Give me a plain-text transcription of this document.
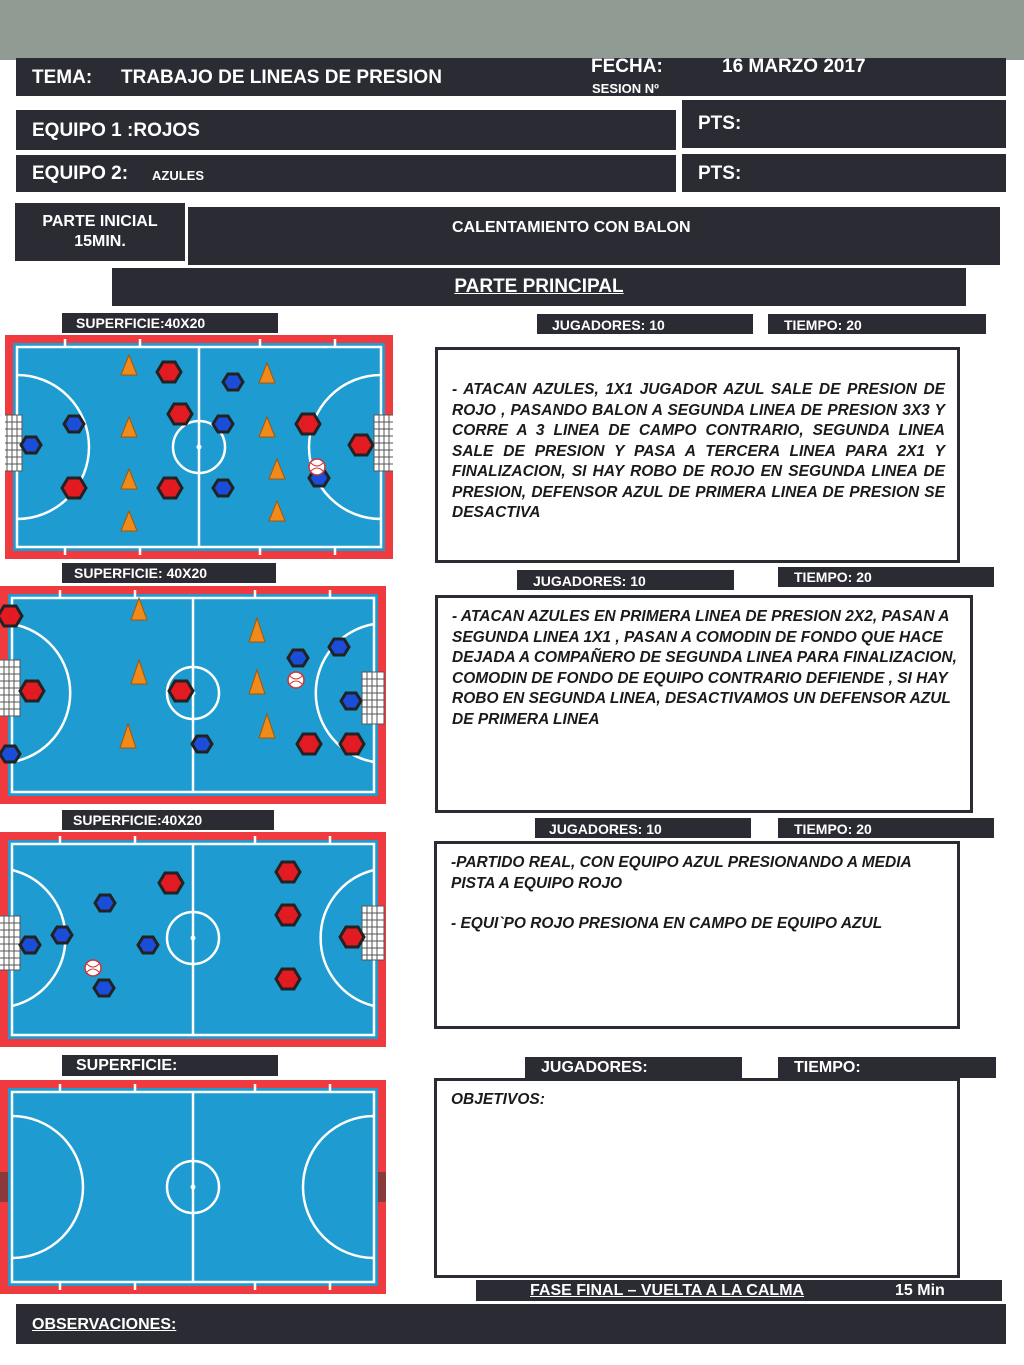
TEMA: TRABAJO DE LINEAS DE PRESION
FECHA:	16 MARZO 2017
SESION Nº
EQUIPO 1 :ROJOS	PTS:
EQUIPO 2: AZULES	PTS:
PARTE INICIAL
15MIN.
CALENTAMIENTO CON BALON
PARTE PRINCIPAL
SUPERFICIE:40X20	JUGADORES: 10	TIEMPO: 20

- ATACAN AZULES, 1X1 JUGADOR AZUL SALE DE PRESION DE ROJO , PASANDO BALON A SEGUNDA LINEA DE PRESION 3X3 Y CORRE A 3 LINEA DE CAMPO CONTRARIO, SEGUNDA LINEA SALE DE PRESION Y PASA A TERCERA LINEA PARA 2X1 Y FINALIZACION, SI HAY ROBO DE ROJO EN SEGUNDA LINEA DE PRESION, DEFENSOR AZUL DE PRIMERA LINEA DE PRESION SE DESACTIVA

SUPERFICIE: 40X20	JUGADORES: 10	TIEMPO: 20

- ATACAN AZULES EN PRIMERA LINEA DE PRESION 2X2, PASAN A SEGUNDA LINEA 1X1 , PASAN A COMODIN DE FONDO QUE HACE DEJADA A COMPAÑERO DE SEGUNDA LINEA PARA FINALIZACION, COMODIN DE FONDO DE EQUIPO CONTRARIO DEFIENDE , SI HAY ROBO EN SEGUNDA LINEA, DESACTIVAMOS UN DEFENSOR AZUL DE PRIMERA LINEA

SUPERFICIE:40X20
JUGADORES: 10	TIEMPO: 20

-PARTIDO REAL, CON EQUIPO AZUL PRESIONANDO A MEDIA PISTA A EQUIPO ROJO

- EQUI`PO ROJO PRESIONA EN CAMPO DE EQUIPO AZUL

SUPERFICIE:	JUGADORES:	TIEMPO:

OBJETIVOS:

FASE FINAL – VUELTA A LA CALMA	15 Min
OBSERVACIONES:
